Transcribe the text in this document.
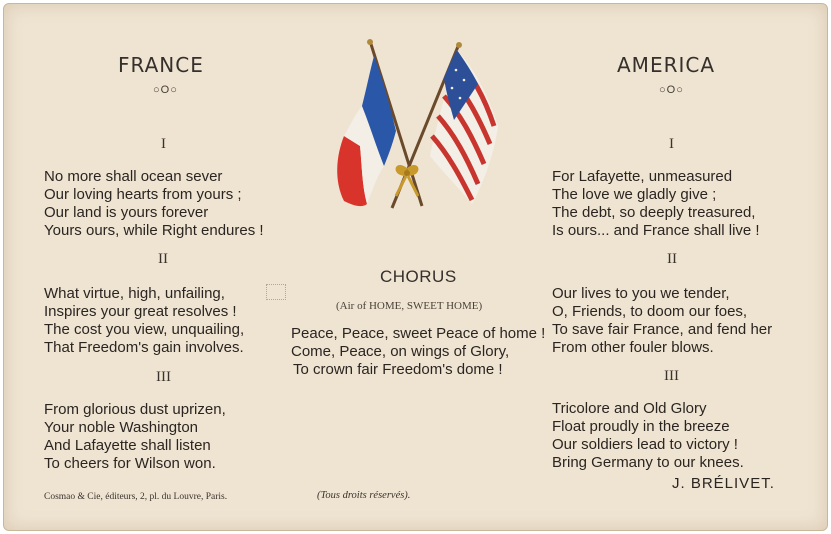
FRANCE
○O○
I
No more shall ocean sever
Our loving hearts from yours ;
Our land is yours forever
Yours ours, while Right endures !
II
What virtue, high, unfailing,
Inspires your great resolves !
The cost you view, unquailing,
That Freedom's gain involves.
III
From glorious dust uprizen,
Your noble Washington
And Lafayette shall listen
To cheers for Wilson won.
CHORUS
(Air of HOME, SWEET HOME)
Peace, Peace, sweet Peace of home !
Come, Peace, on wings of Glory,
To crown fair Freedom's dome !
AMERICA
○O○
I
For Lafayette, unmeasured
The love we gladly give ;
The debt, so deeply treasured,
Is ours... and France shall live !
II
Our lives to you we tender,
O, Friends, to doom our foes,
To save fair France, and fend her
From other fouler blows.
III
Tricolore and Old Glory
Float proudly in the breeze
Our soldiers lead to victory !
Bring Germany to our knees.
Cosmao & Cie, éditeurs, 2, pl. du Louvre, Paris.	(Tous droits réservés).
J. BRÉLIVET.
